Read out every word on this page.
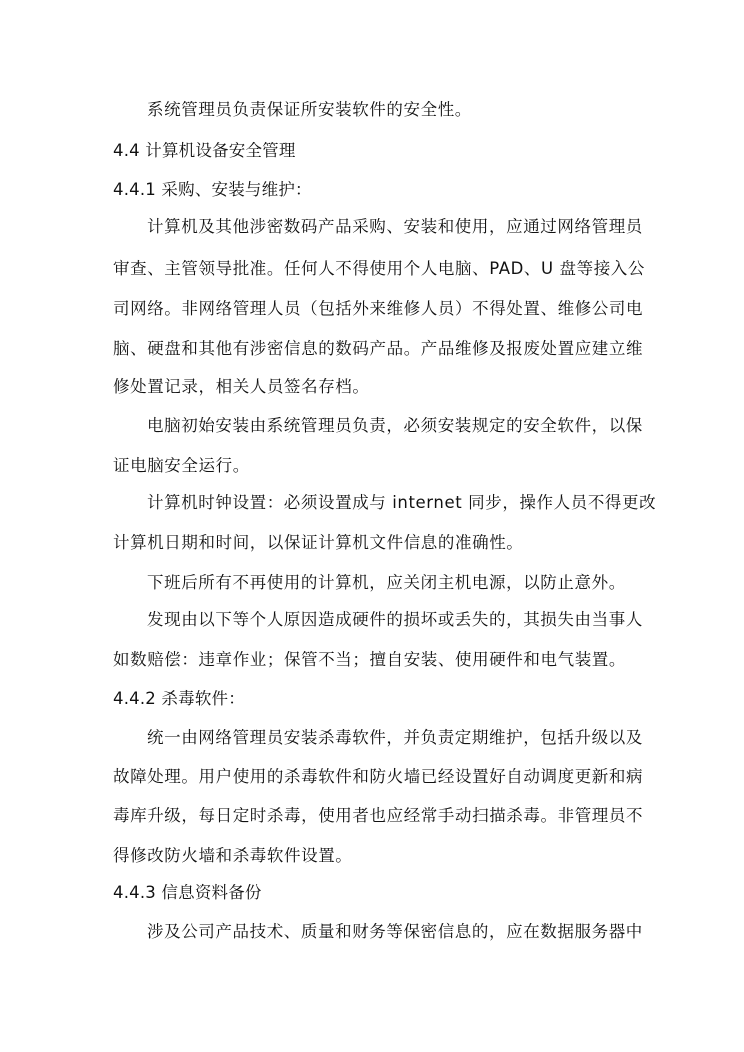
系统管理员负责保证所安装软件的安全性。
4.4 计算机设备安全管理
4.4.1 采购、安装与维护：
计算机及其他涉密数码产品采购、安装和使用，应通过网络管理员
审查、主管领导批准。任何人不得使用个人电脑、PAD、U 盘等接入公
司网络。非网络管理人员（包括外来维修人员）不得处置、维修公司电
脑、硬盘和其他有涉密信息的数码产品。产品维修及报废处置应建立维
修处置记录，相关人员签名存档。
电脑初始安装由系统管理员负责，必须安装规定的安全软件，以保
证电脑安全运行。
计算机时钟设置：必须设置成与 internet 同步，操作人员不得更改
计算机日期和时间，以保证计算机文件信息的准确性。
下班后所有不再使用的计算机，应关闭主机电源，以防止意外。
发现由以下等个人原因造成硬件的损坏或丢失的，其损失由当事人
如数赔偿：违章作业；保管不当；擅自安装、使用硬件和电气装置。
4.4.2 杀毒软件：
统一由网络管理员安装杀毒软件，并负责定期维护，包括升级以及
故障处理。用户使用的杀毒软件和防火墙已经设置好自动调度更新和病
毒库升级，每日定时杀毒，使用者也应经常手动扫描杀毒。非管理员不
得修改防火墙和杀毒软件设置。
4.4.3 信息资料备份
涉及公司产品技术、质量和财务等保密信息的，应在数据服务器中
